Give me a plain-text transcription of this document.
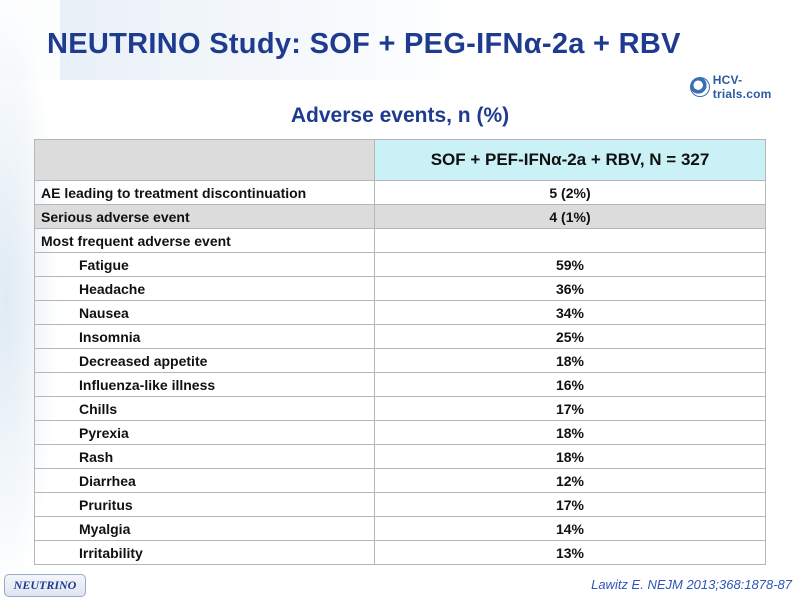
NEUTRINO Study: SOF + PEG-IFNα-2a + RBV
HCV-trials.com
Adverse events, n (%)
	SOF + PEF-IFNα-2a + RBV, N = 327
AE leading to treatment discontinuation	5 (2%)
Serious adverse event	4 (1%)
Most frequent adverse event	
Fatigue	59%
Headache	36%
Nausea	34%
Insomnia	25%
Decreased appetite	18%
Influenza-like illness	16%
Chills	17%
Pyrexia	18%
Rash	18%
Diarrhea	12%
Pruritus	17%
Myalgia	14%
Irritability	13%
NEUTRINO	Lawitz E. NEJM 2013;368:1878-87
